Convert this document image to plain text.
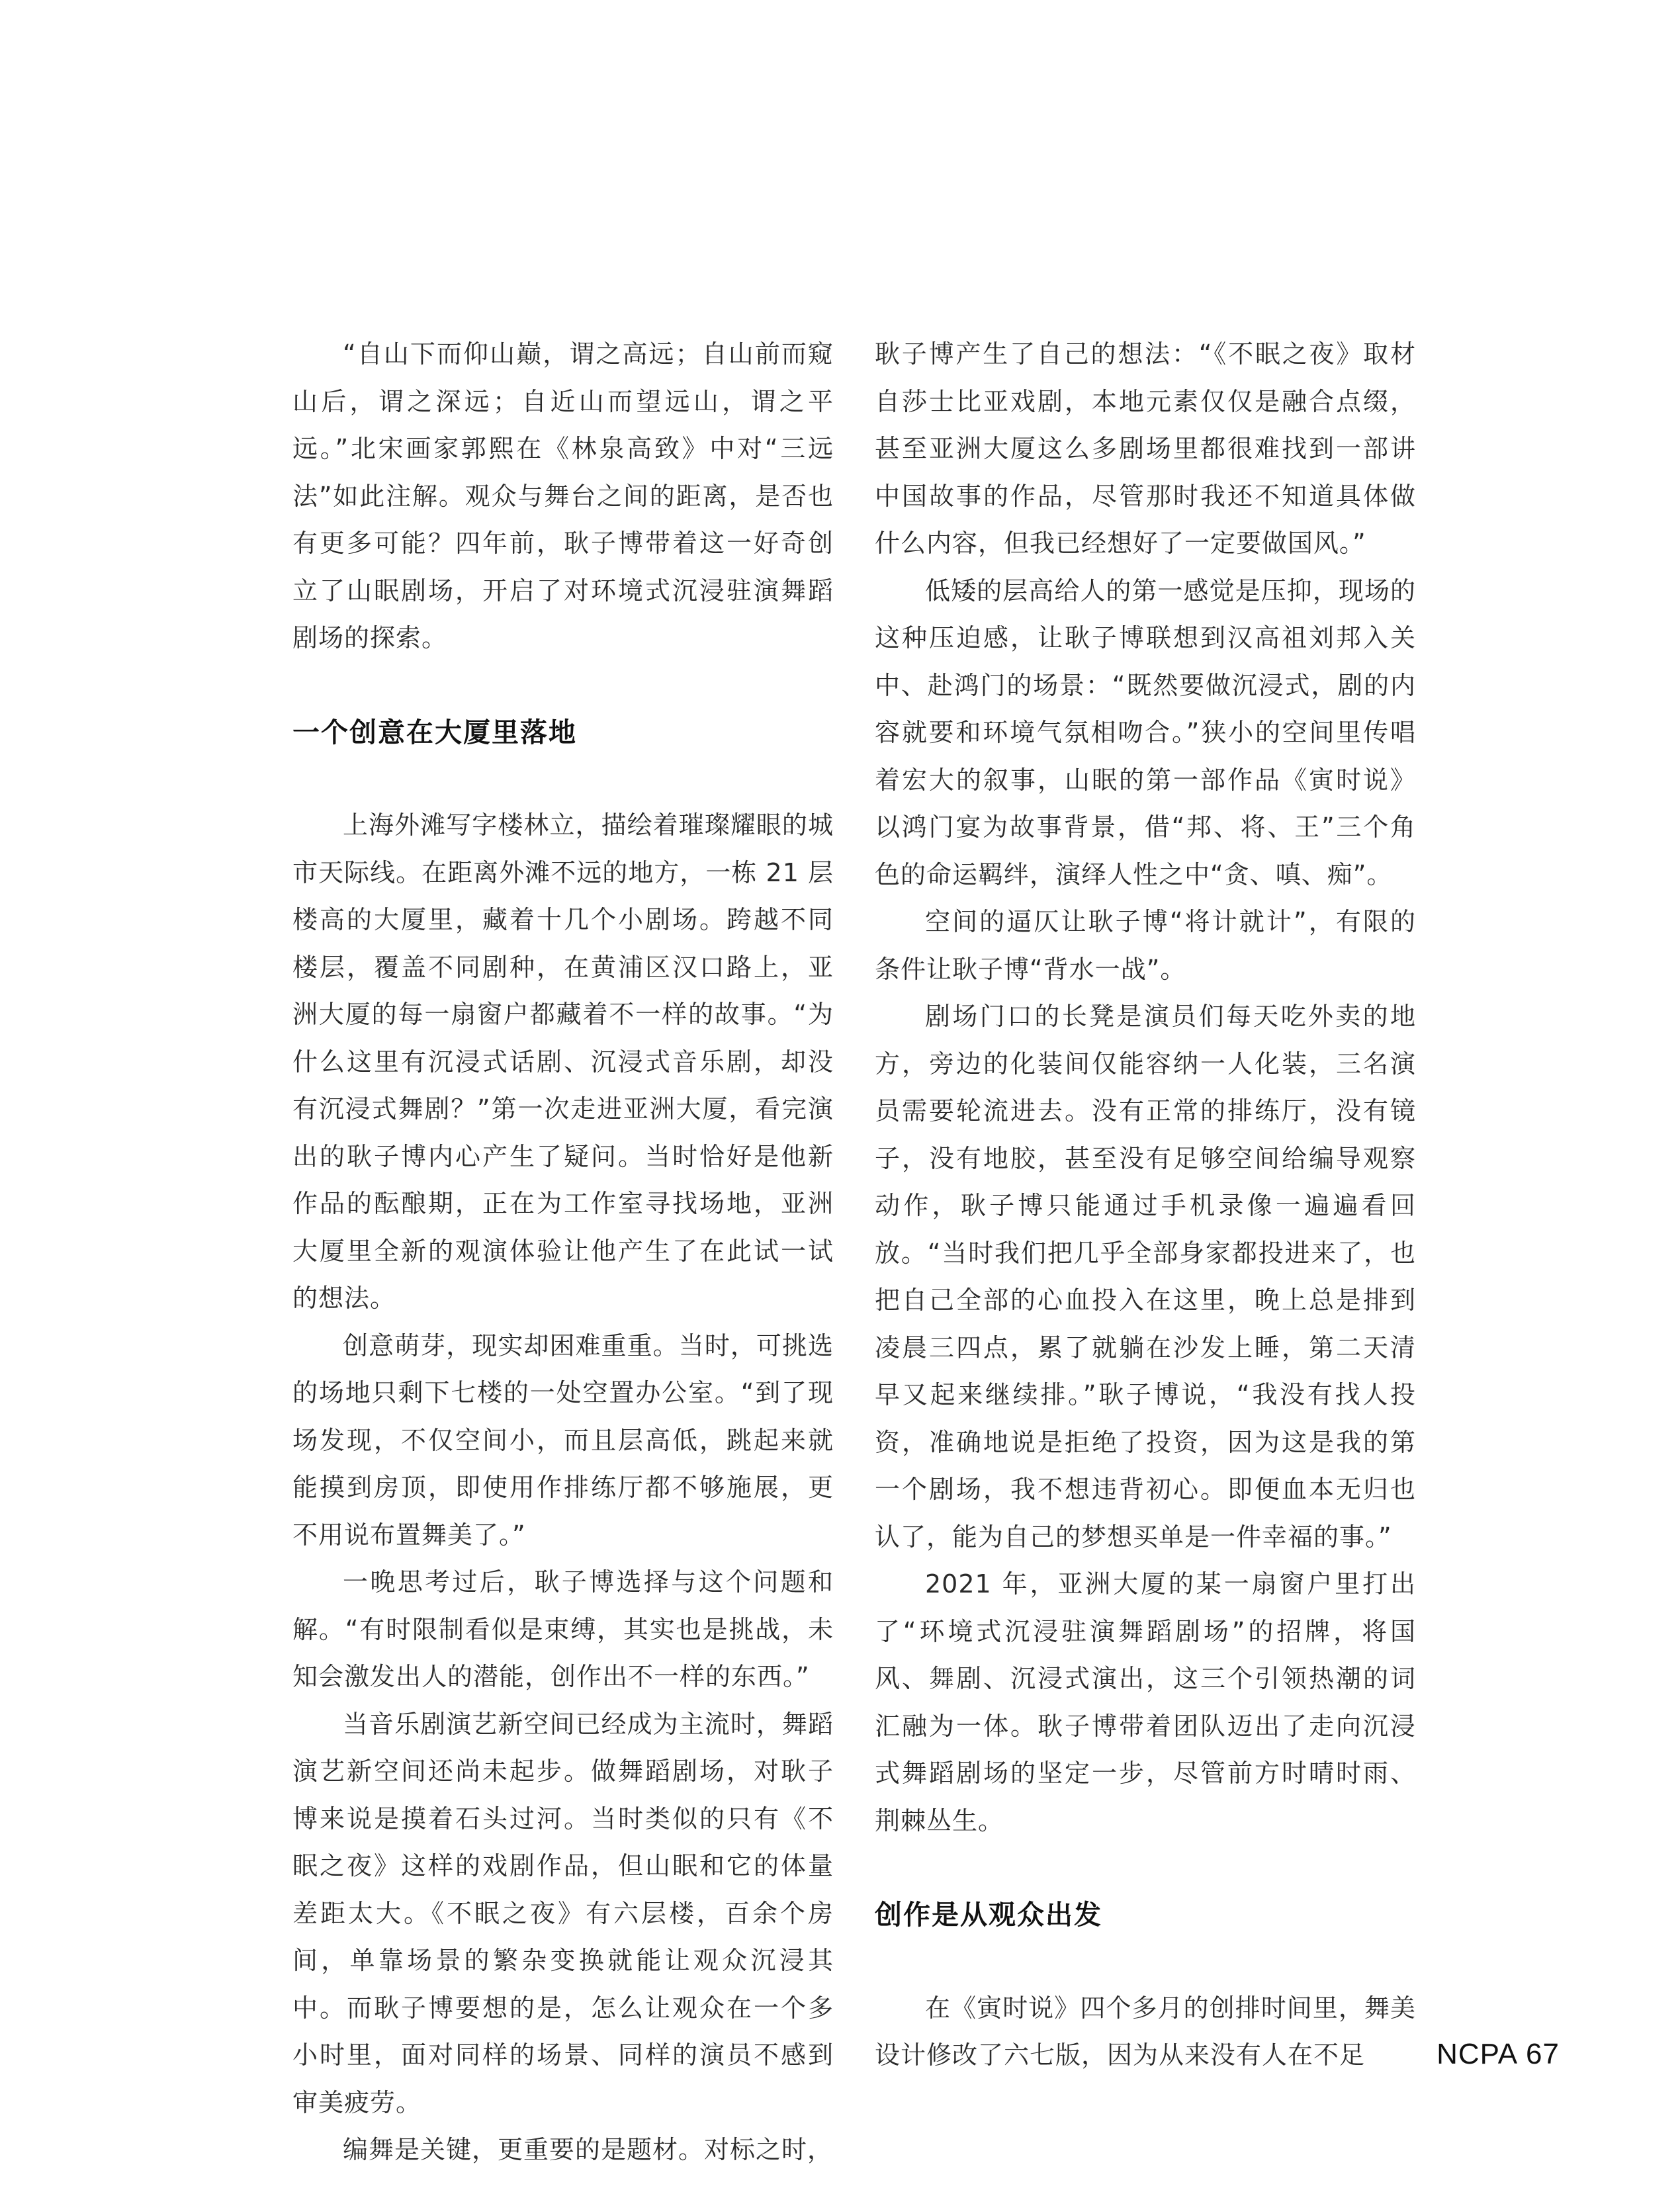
“自山下而仰山巅，谓之高远；自山前而窥山后，谓之深远；自近山而望远山，谓之平远。”北宋画家郭熙在《林泉高致》中对“三远法”如此注解。观众与舞台之间的距离，是否也有更多可能？四年前，耿子博带着这一好奇创立了山眠剧场，开启了对环境式沉浸驻演舞蹈剧场的探索。

一个创意在大厦里落地

上海外滩写字楼林立，描绘着璀璨耀眼的城市天际线。在距离外滩不远的地方，一栋 21 层楼高的大厦里，藏着十几个小剧场。跨越不同楼层，覆盖不同剧种，在黄浦区汉口路上，亚洲大厦的每一扇窗户都藏着不一样的故事。“为什么这里有沉浸式话剧、沉浸式音乐剧，却没有沉浸式舞剧？”第一次走进亚洲大厦，看完演出的耿子博内心产生了疑问。当时恰好是他新作品的酝酿期，正在为工作室寻找场地，亚洲大厦里全新的观演体验让他产生了在此试一试的想法。

创意萌芽，现实却困难重重。当时，可挑选的场地只剩下七楼的一处空置办公室。“到了现场发现，不仅空间小，而且层高低，跳起来就能摸到房顶，即使用作排练厅都不够施展，更不用说布置舞美了。”

一晚思考过后，耿子博选择与这个问题和解。“有时限制看似是束缚，其实也是挑战，未知会激发出人的潜能，创作出不一样的东西。”

当音乐剧演艺新空间已经成为主流时，舞蹈演艺新空间还尚未起步。做舞蹈剧场，对耿子博来说是摸着石头过河。当时类似的只有《不眠之夜》这样的戏剧作品，但山眠和它的体量差距太大。《不眠之夜》有六层楼，百余个房间，单靠场景的繁杂变换就能让观众沉浸其中。而耿子博要想的是，怎么让观众在一个多小时里，面对同样的场景、同样的演员不感到审美疲劳。

编舞是关键，更重要的是题材。对标之时，

耿子博产生了自己的想法：“《不眠之夜》取材自莎士比亚戏剧，本地元素仅仅是融合点缀，甚至亚洲大厦这么多剧场里都很难找到一部讲中国故事的作品，尽管那时我还不知道具体做什么内容，但我已经想好了一定要做国风。”

低矮的层高给人的第一感觉是压抑，现场的这种压迫感，让耿子博联想到汉高祖刘邦入关中、赴鸿门的场景：“既然要做沉浸式，剧的内容就要和环境气氛相吻合。”狭小的空间里传唱着宏大的叙事，山眠的第一部作品《寅时说》以鸿门宴为故事背景，借“邦、将、王”三个角色的命运羁绊，演绎人性之中“贪、嗔、痴”。

空间的逼仄让耿子博“将计就计”，有限的条件让耿子博“背水一战”。

剧场门口的长凳是演员们每天吃外卖的地方，旁边的化装间仅能容纳一人化装，三名演员需要轮流进去。没有正常的排练厅，没有镜子，没有地胶，甚至没有足够空间给编导观察动作，耿子博只能通过手机录像一遍遍看回放。“当时我们把几乎全部身家都投进来了，也把自己全部的心血投入在这里，晚上总是排到凌晨三四点，累了就躺在沙发上睡，第二天清早又起来继续排。”耿子博说，“我没有找人投资，准确地说是拒绝了投资，因为这是我的第一个剧场，我不想违背初心。即便血本无归也认了，能为自己的梦想买单是一件幸福的事。”

2021 年，亚洲大厦的某一扇窗户里打出了“环境式沉浸驻演舞蹈剧场”的招牌，将国风、舞剧、沉浸式演出，这三个引领热潮的词汇融为一体。耿子博带着团队迈出了走向沉浸式舞蹈剧场的坚定一步，尽管前方时晴时雨、荆棘丛生。

创作是从观众出发

在《寅时说》四个多月的创排时间里，舞美设计修改了六七版，因为从来没有人在不足	NCPA 67
